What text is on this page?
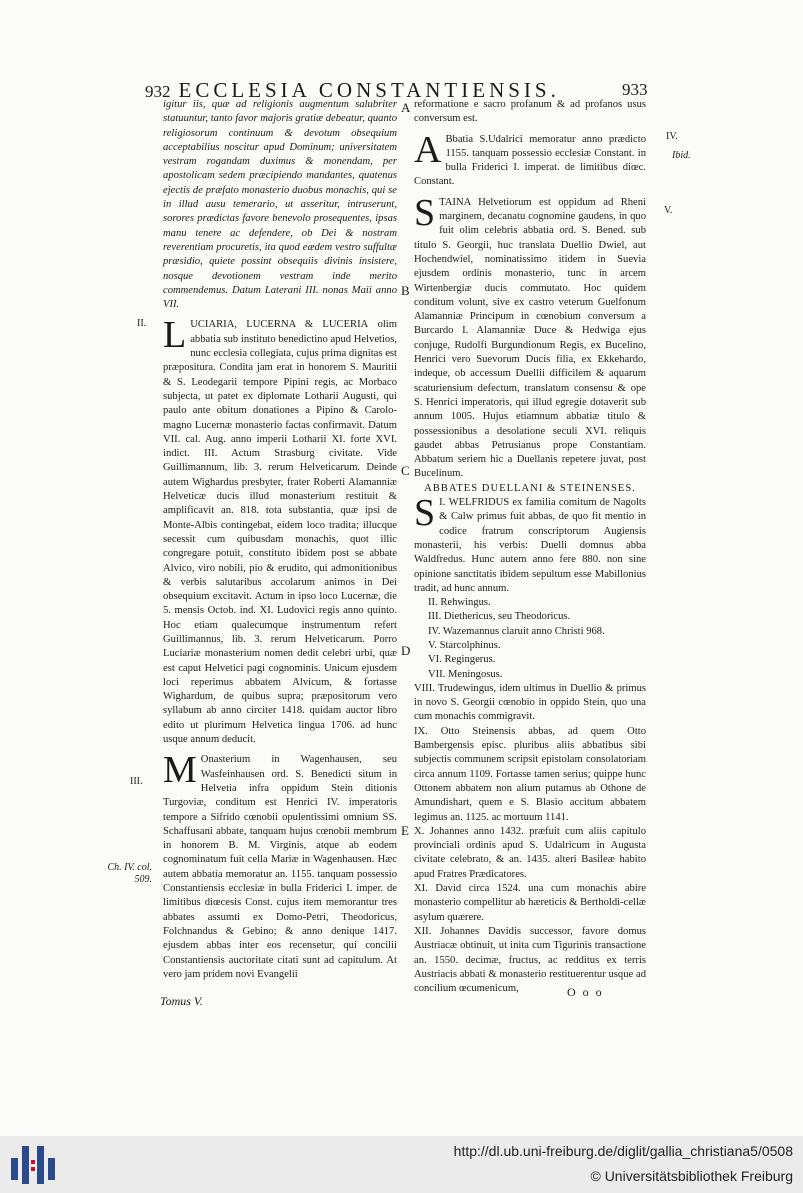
932 ECCLESIA CONSTANTIENSIS.	933

igitur iis, quæ ad religionis augmentum salubriter statuuntur, tanto favor majoris gratiæ debeatur, quanto religiosorum continuum & devotum obsequium acceptabilius noscitur apud Dominum; universitatem vestram rogandam duximus & monendam, per apostolicam sedem præcipiendo mandantes, quatenus ejectis de præfato monasterio duobus monachis, qui se in illud ausu temerario, ut asseritur, intruserunt, sorores prædictas favore benevolo prosequentes, ipsas manu tenere ac defendere, ob Dei & nostram reverentiam procuretis, ita quod eædem vestro suffultæ præsidio, quiete possint obsequiis divinis insistere, nosque devotionem vestram inde merito commendemus. Datum Laterani III. nonas Maii anno VII.

LUCIARIA, LUCERNA & LUCERIA olim abbatia sub instituto benedictino apud Helvetios, nunc ecclesia collegiata, cujus prima dignitas est præpositura. Condita jam erat in honorem S. Mauritii & S. Leodegarii tempore Pipini regis, ac Morbaco subjecta, ut patet ex diplomate Lotharii Augusti, qui paulo ante obitum donationes a Pipino & Carolo-magno Lucernæ monasterio factas confirmavit. Datum VII. cal. Aug. anno imperii Lotharii XI. forte XVI. indict. III. Actum Strasburg civitate. Vide Guillimannum, lib. 3. rerum Helveticarum. Deinde autem Wighardus presbyter, frater Roberti Alamanniæ Helveticæ ducis illud monasterium restituit & amplificavit an. 818. tota substantia, quæ ipsi de Monte-Albis contingebat, eidem loco tradita; illucque secessit cum quibusdam monachis, quot illic congregare potuit, constituto ibidem post se abbate Alvico, viro nobili, pio & erudito, qui admonitionibus & verbis salutaribus accolarum animos in Dei obsequium excitavit. Actum in ipso loco Lucernæ, die 5. mensis Octob. ind. XI. Ludovici regis anno quinto. Hoc etiam qualecumque instrumentum refert Guillimannus, lib. 3. rerum Helveticarum. Porro Luciariæ monasterium nomen dedit celebri urbi, quæ est caput Helvetici pagi cognominis. Unicum ejusdem loci reperimus abbatem Alvicum, & fortasse Wighardum, de quibus supra; præpositorum vero syllabum ab anno circiter 1418. quidam auctor libro edito ut plurimum Helvetica lingua 1706. ad hunc usque annum deducit.

M Onasterium in Wagenhausen, seu Wasfeinhausen ord. S. Benedicti situm in Helvetia infra oppidum Stein ditionis Turgoviæ, conditum est Henrici IV. imperatoris tempore a Sifrido cœnobii opulentissimi omnium SS. Schaffusani abbate, tanquam hujus cœnobii membrum in honorem B. M. Virginis, atque ab eodem cognominatum fuit cella Mariæ in Wagenhausen. Hæc autem abbatia memoratur an. 1155. tanquam possessio Constantiensis ecclesiæ in bulla Friderici I. imper. de limitibus diœcesis Const. cujus item memorantur tres abbates assumti ex Domo-Petri, Theodoricus, Folchnandus & Gebino; & anno denique 1417. ejusdem abbas inter eos recensetur, qui concilii Constantiensis auctoritate citati sunt ad capitulum. At vero jam pridem novi Evangelii

Tomus V.

reformatione e sacro profanum & ad profanos usus conversum est.

A Bbatia S.Udalrici memoratur anno prædicto 1155. tanquam possessio ecclesiæ Constant. in bulla Friderici I. imperat. de limitibus diœc. Constant.

STAINA Helvetiorum est oppidum ad Rheni marginem, decanatu cognomine gaudens, in quo fuit olim celebris abbatia ord. S. Bened. sub titulo S. Georgii, huc translata Duellio Dwiel, aut Hochendwiel, nominatissimo itidem in Suevia ejusdem ordinis monasterio, tunc in arcem Wirtenbergiæ ducis commutato. Hoc quidem conditum volunt, sive ex castro veterum Guelfonum Alamanniæ Principum in cœnobium conversum a Burcardo I. Alamanniæ Duce & Hedwiga ejus conjuge, Rudolfi Burgundionum Regis, ex Bucelino, Henrici vero Suevorum Ducis filia, ex Ekkehardo, indeque, ob accessum Duellii difficilem & aquarum scaturiensium defectum, translatum consensu & ope S. Henrici imperatoris, qui illud egregie dotaverit sub annum 1005. Hujus etiamnum abbatiæ titulo & possessionibus a desolatione seculi XVI. reliquis gaudet abbas Petrusianus prope Constantiam. Abbatum seriem hic a Duellanis repetere juvat, post Bucelinum.

ABBATES DUELLANI & STEINENSES.

I.
S WELFRIDUS ex familia comitum de Nagolts & Calw primus fuit abbas, de quo fit mentio in codice fratrum conscriptorum Augiensis monasterii, his verbis: Duelli domnus abba Waldfredus. Hunc autem anno fere 880. non sine opinione sanctitatis ibidem sepultum esse Mabillonius tradit, ad hunc annum.

II. Rehwingus.

III. Diethericus, seu Theodoricus.

IV. Wazemannus claruit anno Christi 968.

V. Starcolphinus.

VI. Regingerus.

VII. Meningosus.

VIII. Trudewingus, idem ultimus in Duellio & primus in novo S. Georgii cœnobio in oppido Stein, quo una cum monachis commigravit.

IX. Otto Steinensis abbas, ad quem Otto Bambergensis episc. pluribus aliis abbatibus sibi subjectis communem scripsit epistolam consolatoriam circa annum 1109. Fortasse tamen serius; quippe hunc Ottonem abbatem non alium putamus ab Othone de Amundishart, quem e S. Blasio accitum abbatem legimus an. 1125. ac mortuum 1141.

X. Johannes anno 1432. præfuit cum aliis capitulo provinciali ordinis apud S. Udalricum in Augusta civitate celebrato, & an. 1435. alteri Basileæ habito apud Fratres Prædicatores.

XI. David circa 1524. una cum monachis abire monasterio compellitur ab hæreticis & Bertholdi-cellæ asylum quærere.

XII. Johannes Davidis successor, favore domus Austriacæ obtinuit, ut inita cum Tigurinis transactione an. 1550. decimæ, fructus, ac redditus ex terris Austriacis abbati & monasterio restituerentur usque ad concilium œcumenicum,	O o o
II.
III.
Ch. IV. col. 509.
IV.
Ibid.
V.
A
B
C
D
E
http://dl.ub.uni-freiburg.de/diglit/gallia_christiana5/0508
© Universitätsbibliothek Freiburg
